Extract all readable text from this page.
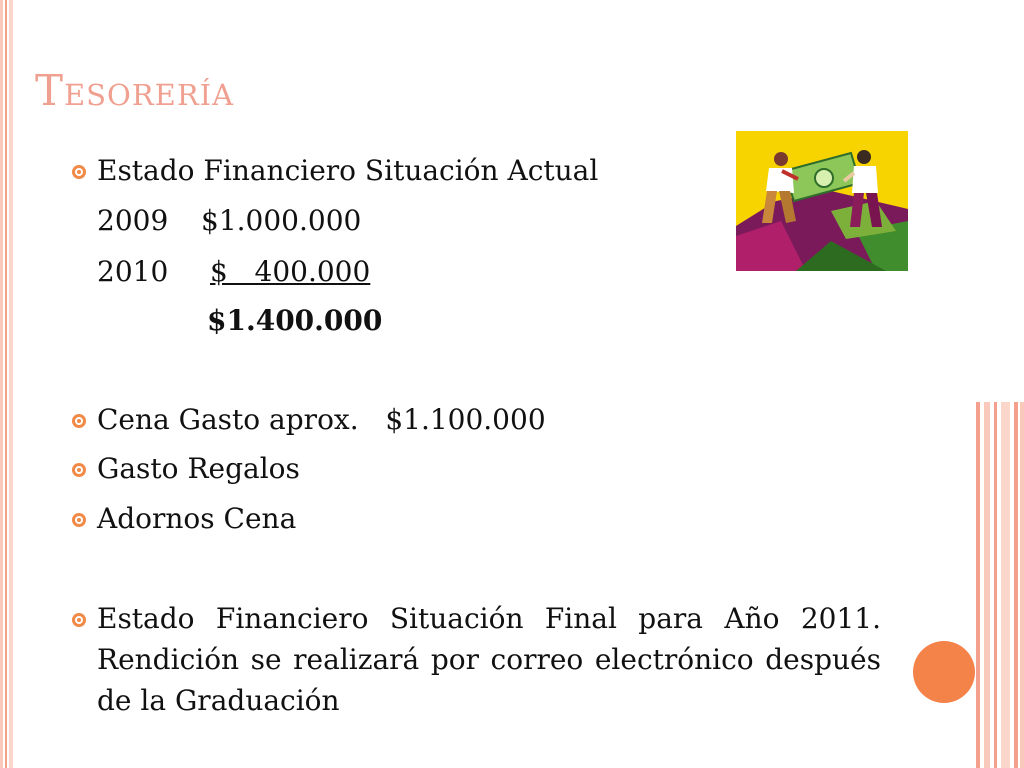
Tesorería
Estado Financiero Situación Actual
2009 $1.000.000
2010 $   400.000
$1.400.000
Cena Gasto aprox.   $1.100.000
Gasto Regalos
Adornos Cena
Estado Financiero Situación Final para Año 2011. Rendición se realizará por correo electrónico después de la Graduación
